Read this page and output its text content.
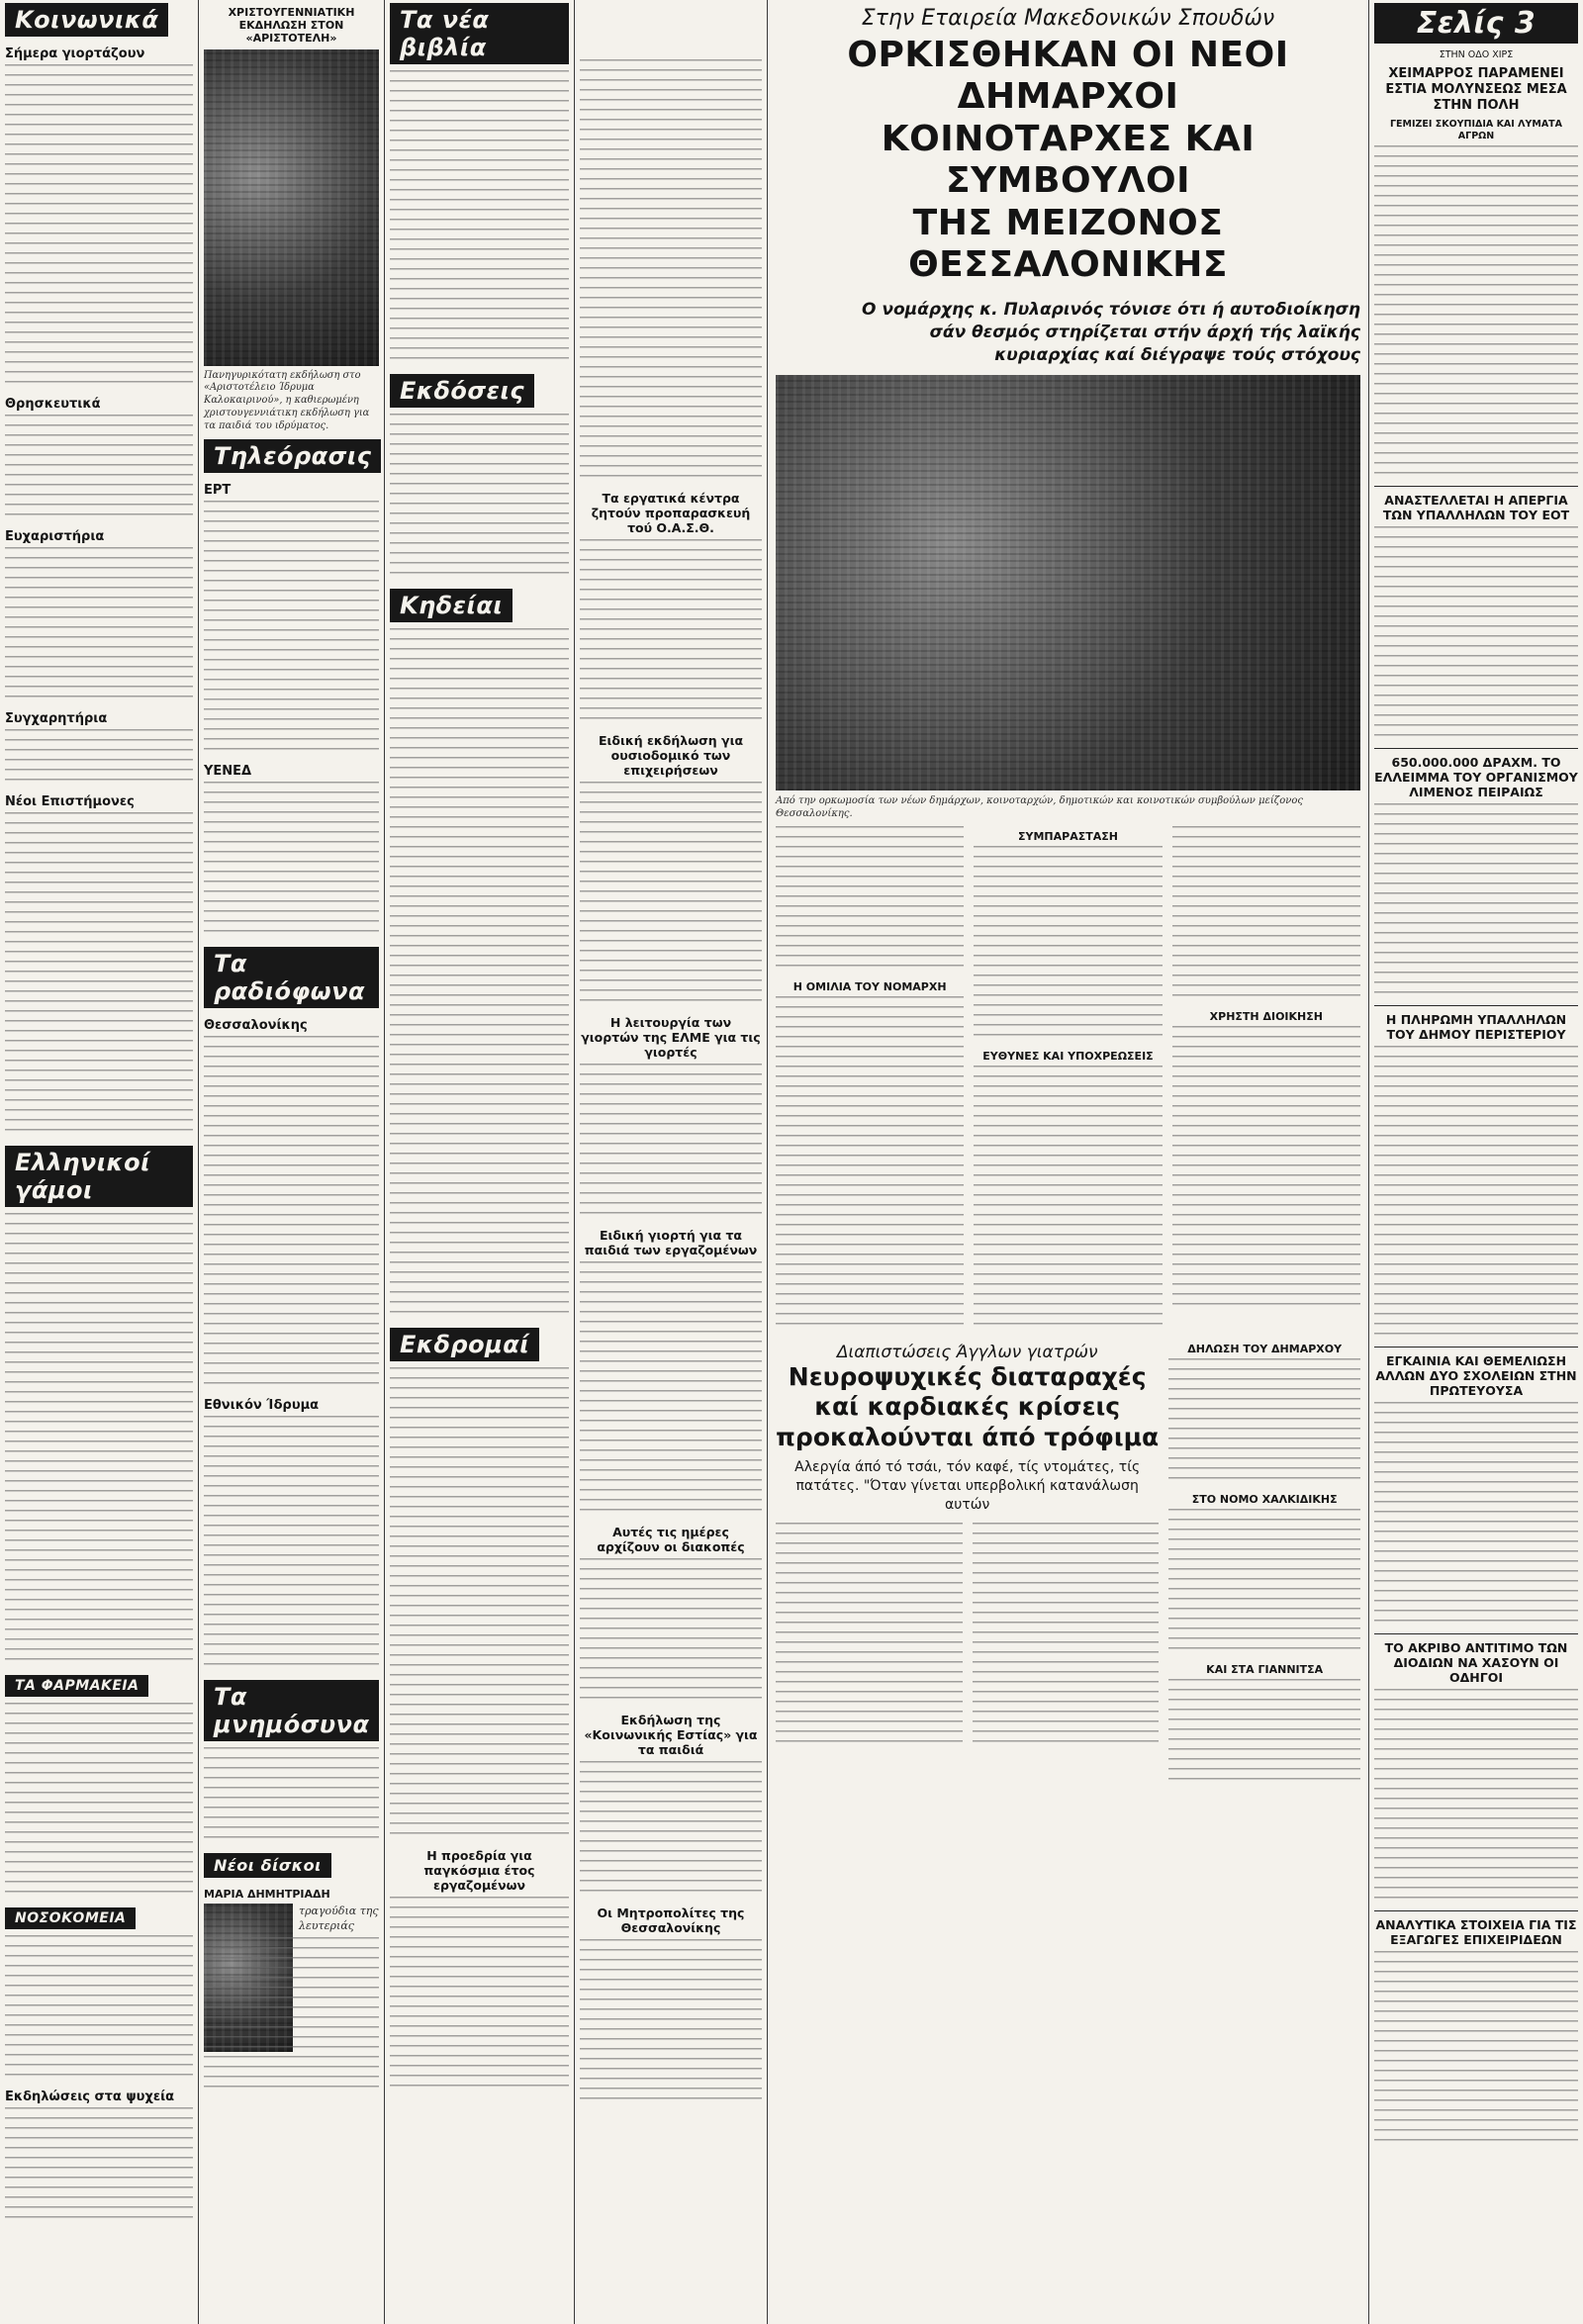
Κοινωνικά
Σήμερα γιορτάζουν
Θρησκευτικά
Ευχαριστήρια
Συγχαρητήρια
Νέοι Επιστήμονες
Ελληνικοί γάμοι
ΤΑ ΦΑΡΜΑΚΕΙΑ
ΝΟΣΟΚΟΜΕΙΑ
Εκδηλώσεις στα ψυχεία
ΧΡΙΣΤΟΥΓΕΝΝΙΑΤΙΚΗ ΕΚΔΗΛΩΣΗ ΣΤΟΝ «ΑΡΙΣΤΟΤΕΛΗ»
Πανηγυρικότατη εκδήλωση στο «Αριστοτέλειο Ίδρυμα Καλοκαιρινού», η καθιερωμένη χριστουγεννιάτικη εκδήλωση για τα παιδιά του ιδρύματος.
Τηλεόρασις
ΕΡΤ
ΥΕΝΕΔ
Τα ραδιόφωνα
Θεσσαλονίκης
Εθνικόν Ίδρυμα
Τα μνημόσυνα
Νέοι δίσκοι
ΜΑΡΙΑ ΔΗΜΗΤΡΙΑΔΗ
τραγούδια της λευτεριάς
Τα νέα βιβλία
Εκδόσεις
Κηδείαι
Εκδρομαί
Η προεδρία για παγκόσμια έτος εργαζομένων
Τα εργατικά κέντρα ζητούν προπαρασκευή τού Ο.Α.Σ.Θ.
Ειδική εκδήλωση για ουσιοδομικό των επιχειρήσεων
Η λειτουργία των γιορτών της ΕΛΜΕ για τις γιορτές
Ειδική γιορτή για τα παιδιά των εργαζομένων
Αυτές τις ημέρες αρχίζουν οι διακοπές
Εκδήλωση της «Κοινωνικής Εστίας» για τα παιδιά
Οι Μητροπολίτες της Θεσσαλονίκης
Στην Εταιρεία Μακεδονικών Σπουδών
ΟΡΚΙΣΘΗΚΑΝ ΟΙ ΝΕΟΙ ΔΗΜΑΡΧΟΙ
ΚΟΙΝΟΤΑΡΧΕΣ ΚΑΙ ΣΥΜΒΟΥΛΟΙ
ΤΗΣ ΜΕΙΖΟΝΟΣ ΘΕΣΣΑΛΟΝΙΚΗΣ
Ο νομάρχης κ. Πυλαρινός τόνισε ότι ή αυτοδιοίκηση σάν θεσμός στηρίζεται στήν άρχή τής λαϊκής κυριαρχίας καί διέγραψε τούς στόχους
Από την ορκωμοσία των νέων δημάρχων, κοινοταρχών, δημοτικών και κοινοτικών συμβούλων μείζονος Θεσσαλονίκης.
Η ΟΜΙΛΙΑ ΤΟΥ ΝΟΜΑΡΧΗ
ΣΥΜΠΑΡΑΣΤΑΣΗ
ΕΥΘΥΝΕΣ ΚΑΙ ΥΠΟΧΡΕΩΣΕΙΣ
ΧΡΗΣΤΗ ΔΙΟΙΚΗΣΗ
Διαπιστώσεις Άγγλων γιατρών
Νευροψυχικές διαταραχές
καί καρδιακές κρίσεις
προκαλούνται άπό τρόφιμα
Αλεργία άπό τό τσάι, τόν καφέ, τίς ντομάτες, τίς πατάτες. "Όταν γίνεται υπερβολική κατανάλωση αυτών
ΔΗΛΩΣΗ ΤΟΥ ΔΗΜΑΡΧΟΥ
ΣΤΟ ΝΟΜΟ ΧΑΛΚΙΔΙΚΗΣ
ΚΑΙ ΣΤΑ ΓΙΑΝΝΙΤΣΑ
Σελίς 3
ΣΤΗΝ ΟΔΟ ΧΙΡΣ
ΧΕΙΜΑΡΡΟΣ ΠΑΡΑΜΕΝΕΙ ΕΣΤΙΑ ΜΟΛΥΝΣΕΩΣ ΜΕΣΑ ΣΤΗΝ ΠΟΛΗ
ΓΕΜΙΖΕΙ ΣΚΟΥΠΙΔΙΑ ΚΑΙ ΛΥΜΑΤΑ ΑΓΡΩΝ
ΑΝΑΣΤΕΛΛΕΤΑΙ Η ΑΠΕΡΓΙΑ ΤΩΝ ΥΠΑΛΛΗΛΩΝ ΤΟΥ ΕΟΤ
650.000.000 ΔΡΑΧΜ. ΤΟ ΕΛΛΕΙΜΜΑ ΤΟΥ ΟΡΓΑΝΙΣΜΟΥ ΛΙΜΕΝΟΣ ΠΕΙΡΑΙΩΣ
Η ΠΛΗΡΩΜΗ ΥΠΑΛΛΗΛΩΝ ΤΟΥ ΔΗΜΟΥ ΠΕΡΙΣΤΕΡΙΟΥ
ΕΓΚΑΙΝΙΑ ΚΑΙ ΘΕΜΕΛΙΩΣΗ ΑΛΛΩΝ ΔΥΟ ΣΧΟΛΕΙΩΝ ΣΤΗΝ ΠΡΩΤΕΥΟΥΣΑ
ΤΟ ΑΚΡΙΒΟ ΑΝΤΙΤΙΜΟ ΤΩΝ ΔΙΟΔΙΩΝ ΝΑ ΧΑΣΟΥΝ ΟΙ ΟΔΗΓΟΙ
ΑΝΑΛΥΤΙΚΑ ΣΤΟΙΧΕΙΑ ΓΙΑ ΤΙΣ ΕΞΑΓΩΓΕΣ ΕΠΙΧΕΙΡΙΔΕΩΝ
